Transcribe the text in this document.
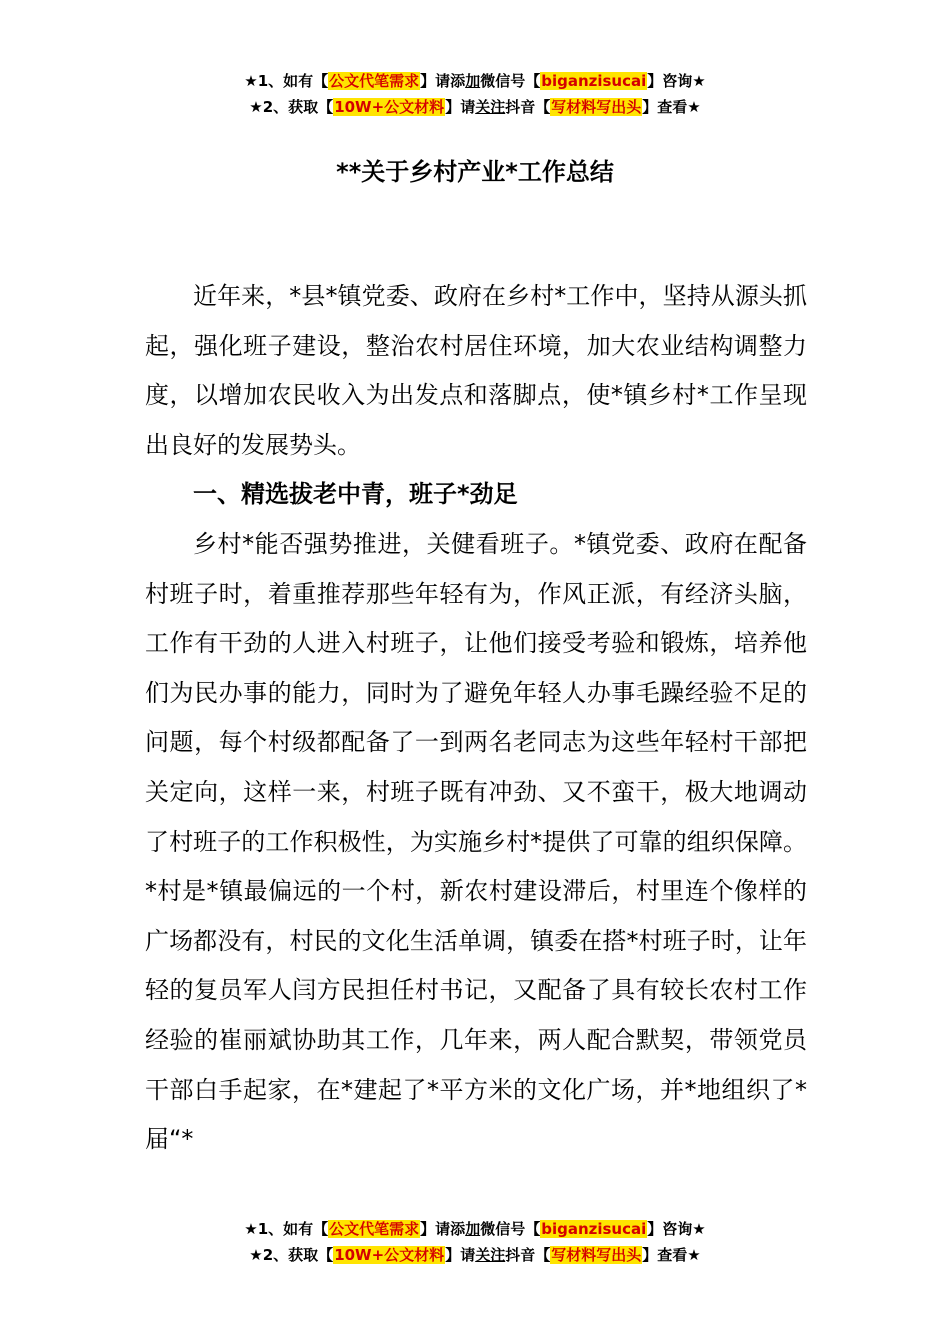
★1、如有【公文代笔需求】请添加微信号【biganzisucai】咨询★
★2、获取【10W+公文材料】请关注抖音【写材料写出头】查看★
**关于乡村产业*工作总结

近年来，*县*镇党委、政府在乡村*工作中，坚持从源头抓起，强化班子建设，整治农村居住环境，加大农业结构调整力度，以增加农民收入为出发点和落脚点，使*镇乡村*工作呈现出良好的发展势头。

一、精选拔老中青，班子*劲足

乡村*能否强势推进，关健看班子。*镇党委、政府在配备村班子时，着重推荐那些年轻有为，作风正派，有经济头脑，工作有干劲的人进入村班子，让他们接受考验和锻炼，培养他们为民办事的能力，同时为了避免年轻人办事毛躁经验不足的问题，每个村级都配备了一到两名老同志为这些年轻村干部把关定向，这样一来，村班子既有冲劲、又不蛮干，极大地调动了村班子的工作积极性，为实施乡村*提供了可靠的组织保障。*村是*镇最偏远的一个村，新农村建设滞后，村里连个像样的广场都没有，村民的文化生活单调，镇委在搭*村班子时，让年轻的复员军人闫方民担任村书记，又配备了具有较长农村工作经验的崔丽斌协助其工作，几年来，两人配合默契，带领党员干部白手起家，在*建起了*平方米的文化广场，并*地组织了*届“*

★1、如有【公文代笔需求】请添加微信号【biganzisucai】咨询★
★2、获取【10W+公文材料】请关注抖音【写材料写出头】查看★
